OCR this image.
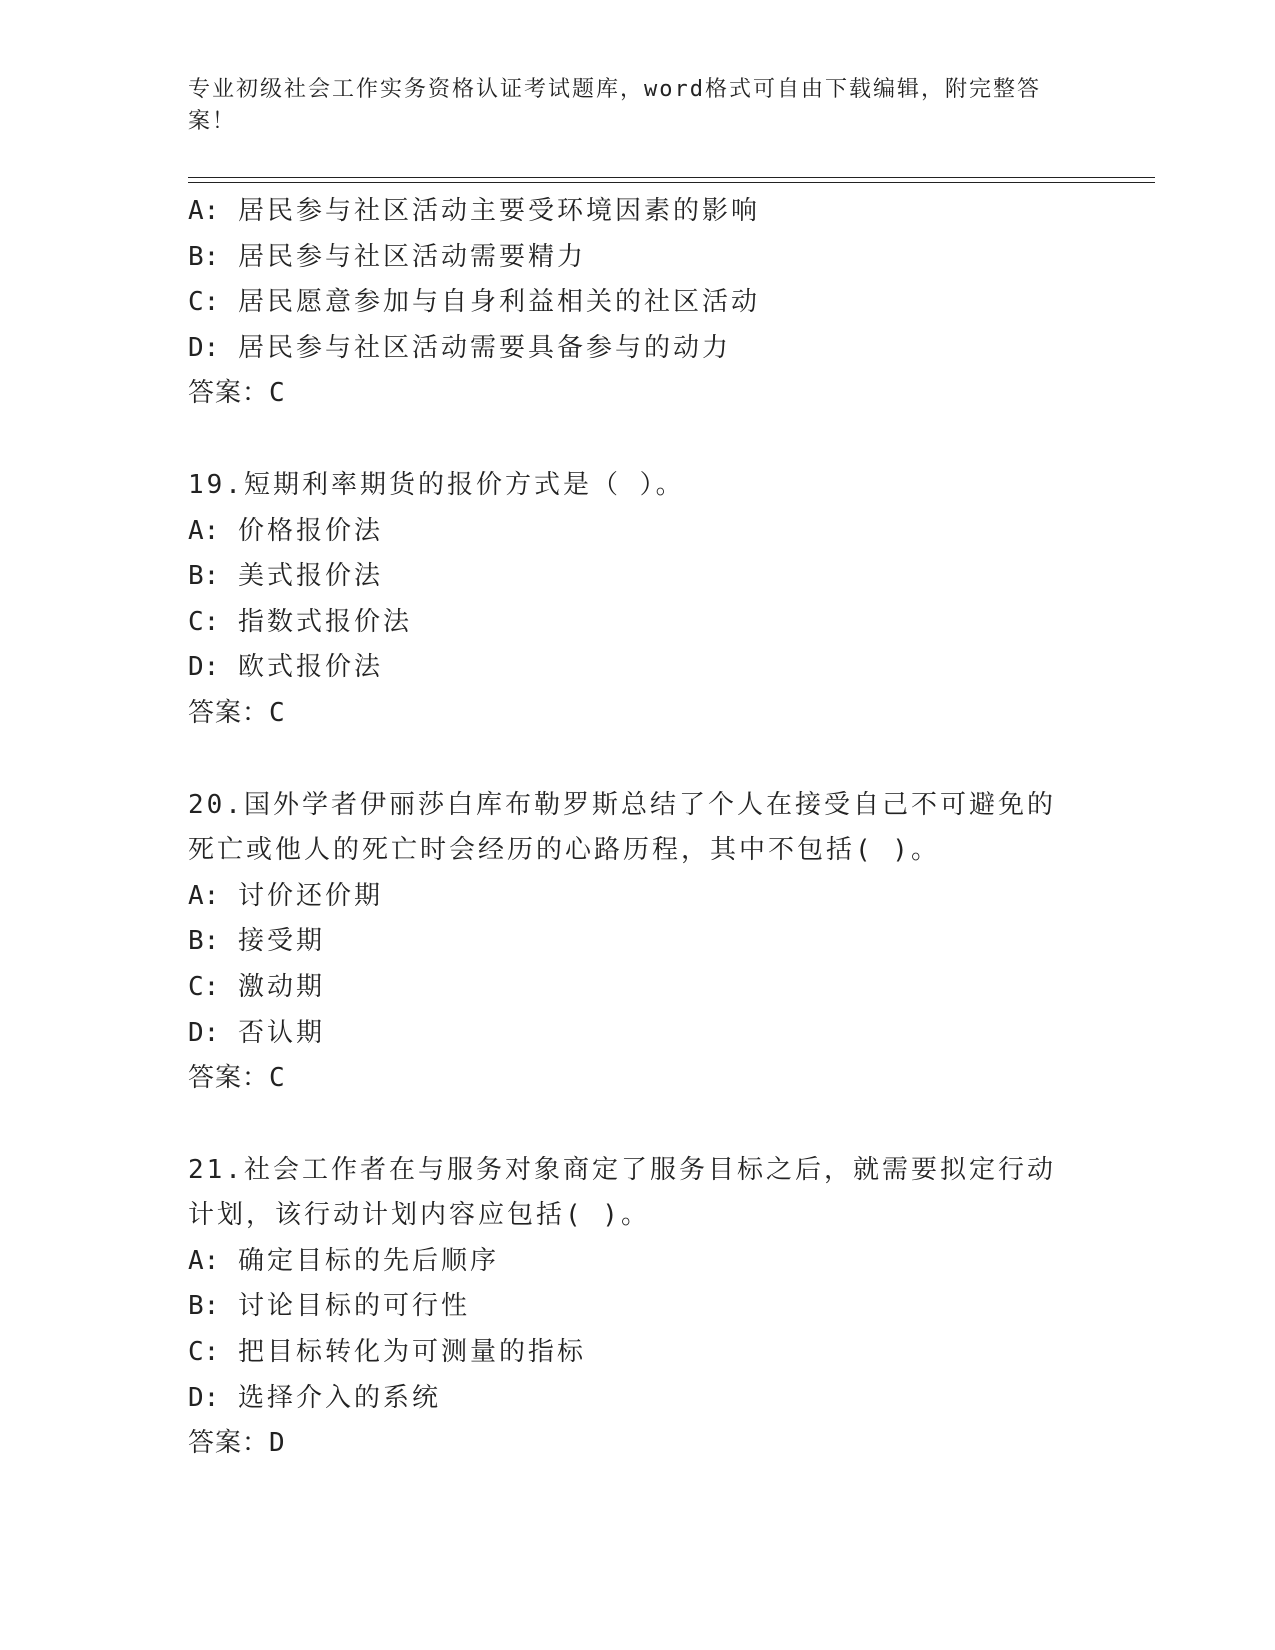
专业初级社会工作实务资格认证考试题库，word格式可自由下载编辑，附完整答案！
A: 居民参与社区活动主要受环境因素的影响
B: 居民参与社区活动需要精力
C: 居民愿意参加与自身利益相关的社区活动
D: 居民参与社区活动需要具备参与的动力
答案：C
19.短期利率期货的报价方式是（ ）。
A: 价格报价法
B: 美式报价法
C: 指数式报价法
D: 欧式报价法
答案：C
20.国外学者伊丽莎白库布勒罗斯总结了个人在接受自己不可避免的死亡或他人的死亡时会经历的心路历程，其中不包括( )。
A: 讨价还价期
B: 接受期
C: 激动期
D: 否认期
答案：C
21.社会工作者在与服务对象商定了服务目标之后，就需要拟定行动计划，该行动计划内容应包括( )。
A: 确定目标的先后顺序
B: 讨论目标的可行性
C: 把目标转化为可测量的指标
D: 选择介入的系统
答案：D
